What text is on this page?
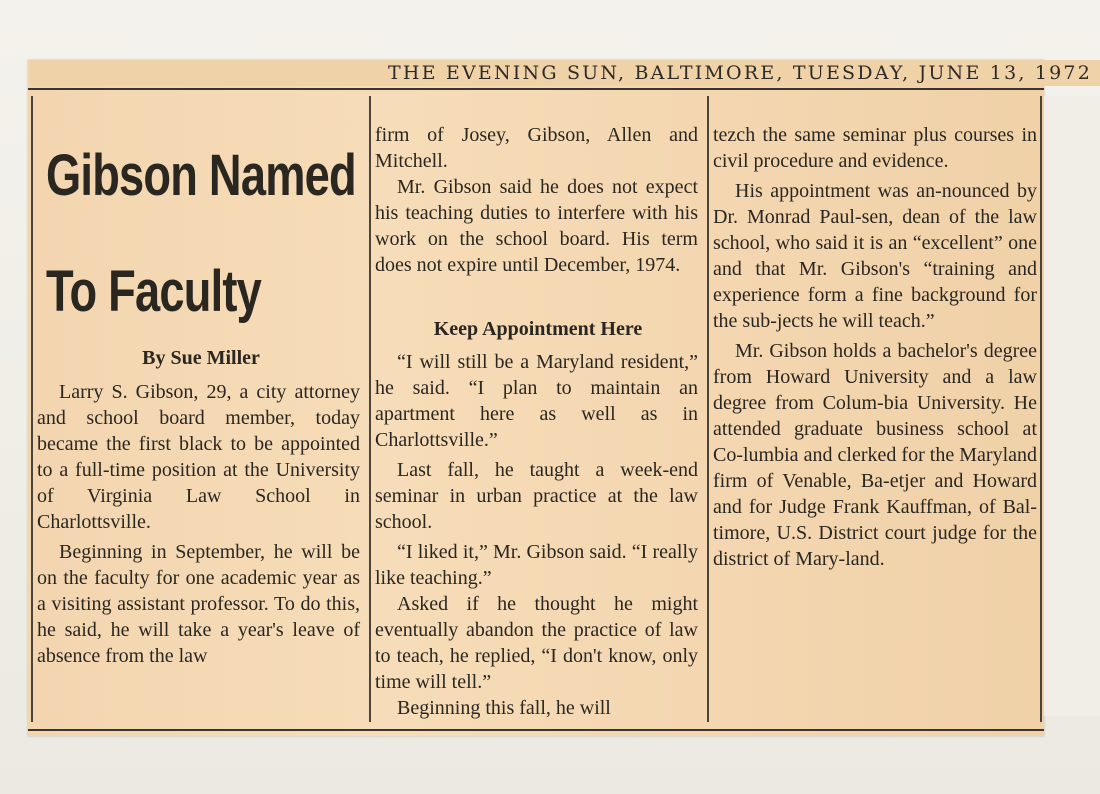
THE EVENING SUN, BALTIMORE, TUESDAY, JUNE 13, 1972
Gibson Named
To Faculty
By Sue Miller

Larry S. Gibson, 29, a city attorney and school board member, today became the first black to be appointed to a full-time position at the University of Virginia Law School in Charlottsville.

Beginning in September, he will be on the faculty for one academic year as a visiting assistant professor. To do this, he said, he will take a year's leave of absence from the law

firm of Josey, Gibson, Allen and Mitchell.

Mr. Gibson said he does not expect his teaching duties to interfere with his work on the school board. His term does not expire until December, 1974.

Keep Appointment Here

“I will still be a Maryland resident,” he said. “I plan to maintain an apartment here as well as in Charlottsville.”

Last fall, he taught a week-end seminar in urban practice at the law school.

“I liked it,” Mr. Gibson said. “I really like teaching.”

Asked if he thought he might eventually abandon the practice of law to teach, he replied, “I don't know, only time will tell.”

Beginning this fall, he will

tezch the same seminar plus courses in civil procedure and evidence.

His appointment was an-nounced by Dr. Monrad Paul-sen, dean of the law school, who said it is an “excellent” one and that Mr. Gibson's “training and experience form a fine background for the sub-jects he will teach.”

Mr. Gibson holds a bachelor's degree from Howard University and a law degree from Colum-bia University. He attended graduate business school at Co-lumbia and clerked for the Maryland firm of Venable, Ba-etjer and Howard and for Judge Frank Kauffman, of Bal-timore, U.S. District court judge for the district of Mary-land.
